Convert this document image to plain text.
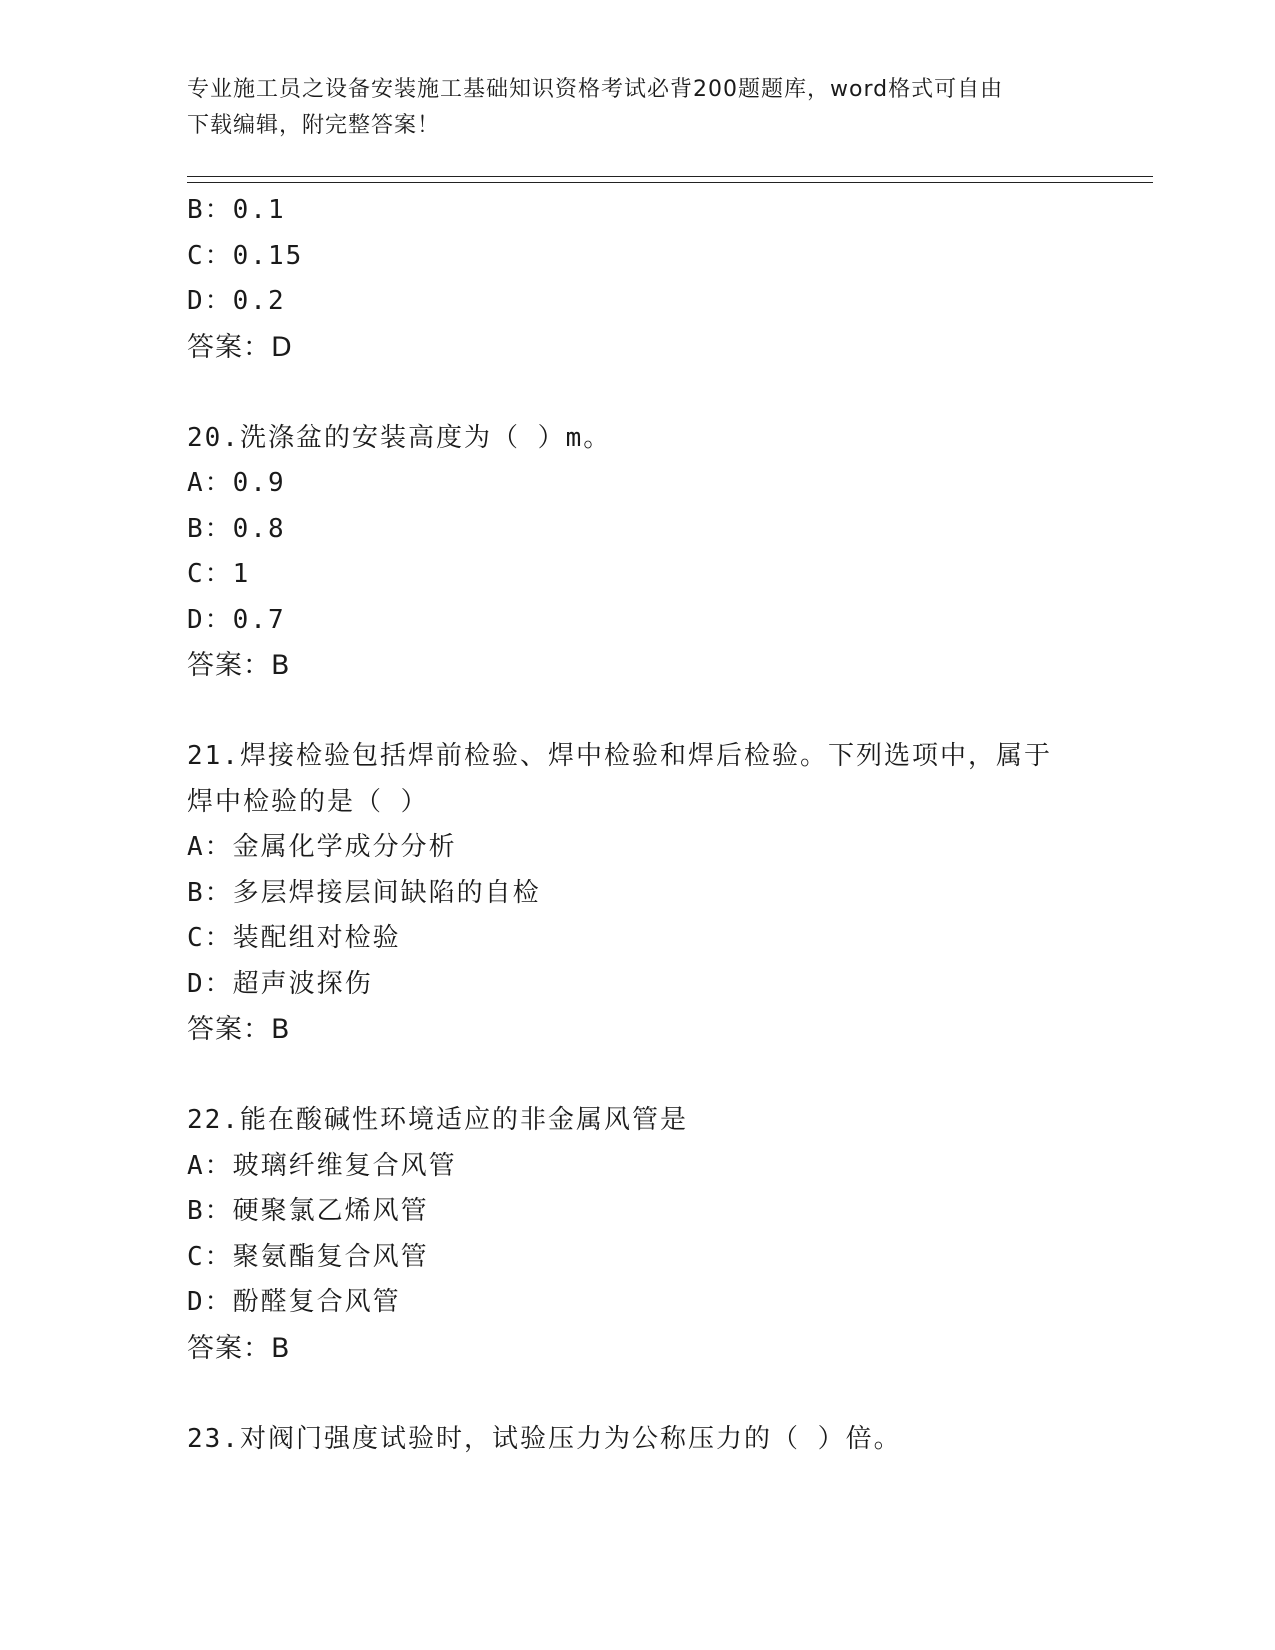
专业施工员之设备安装施工基础知识资格考试必背200题题库，word格式可自由
下载编辑，附完整答案！
B：0.1
C：0.15
D：0.2
答案：D
20.洗涤盆的安装高度为（ ）m。
A：0.9
B：0.8
C：1
D：0.7
答案：B
21.焊接检验包括焊前检验、焊中检验和焊后检验。下列选项中，属于
焊中检验的是（ ）
A：金属化学成分分析
B：多层焊接层间缺陷的自检
C：装配组对检验
D：超声波探伤
答案：B
22.能在酸碱性环境适应的非金属风管是
A：玻璃纤维复合风管
B：硬聚氯乙烯风管
C：聚氨酯复合风管
D：酚醛复合风管
答案：B
23.对阀门强度试验时，试验压力为公称压力的（ ）倍。
